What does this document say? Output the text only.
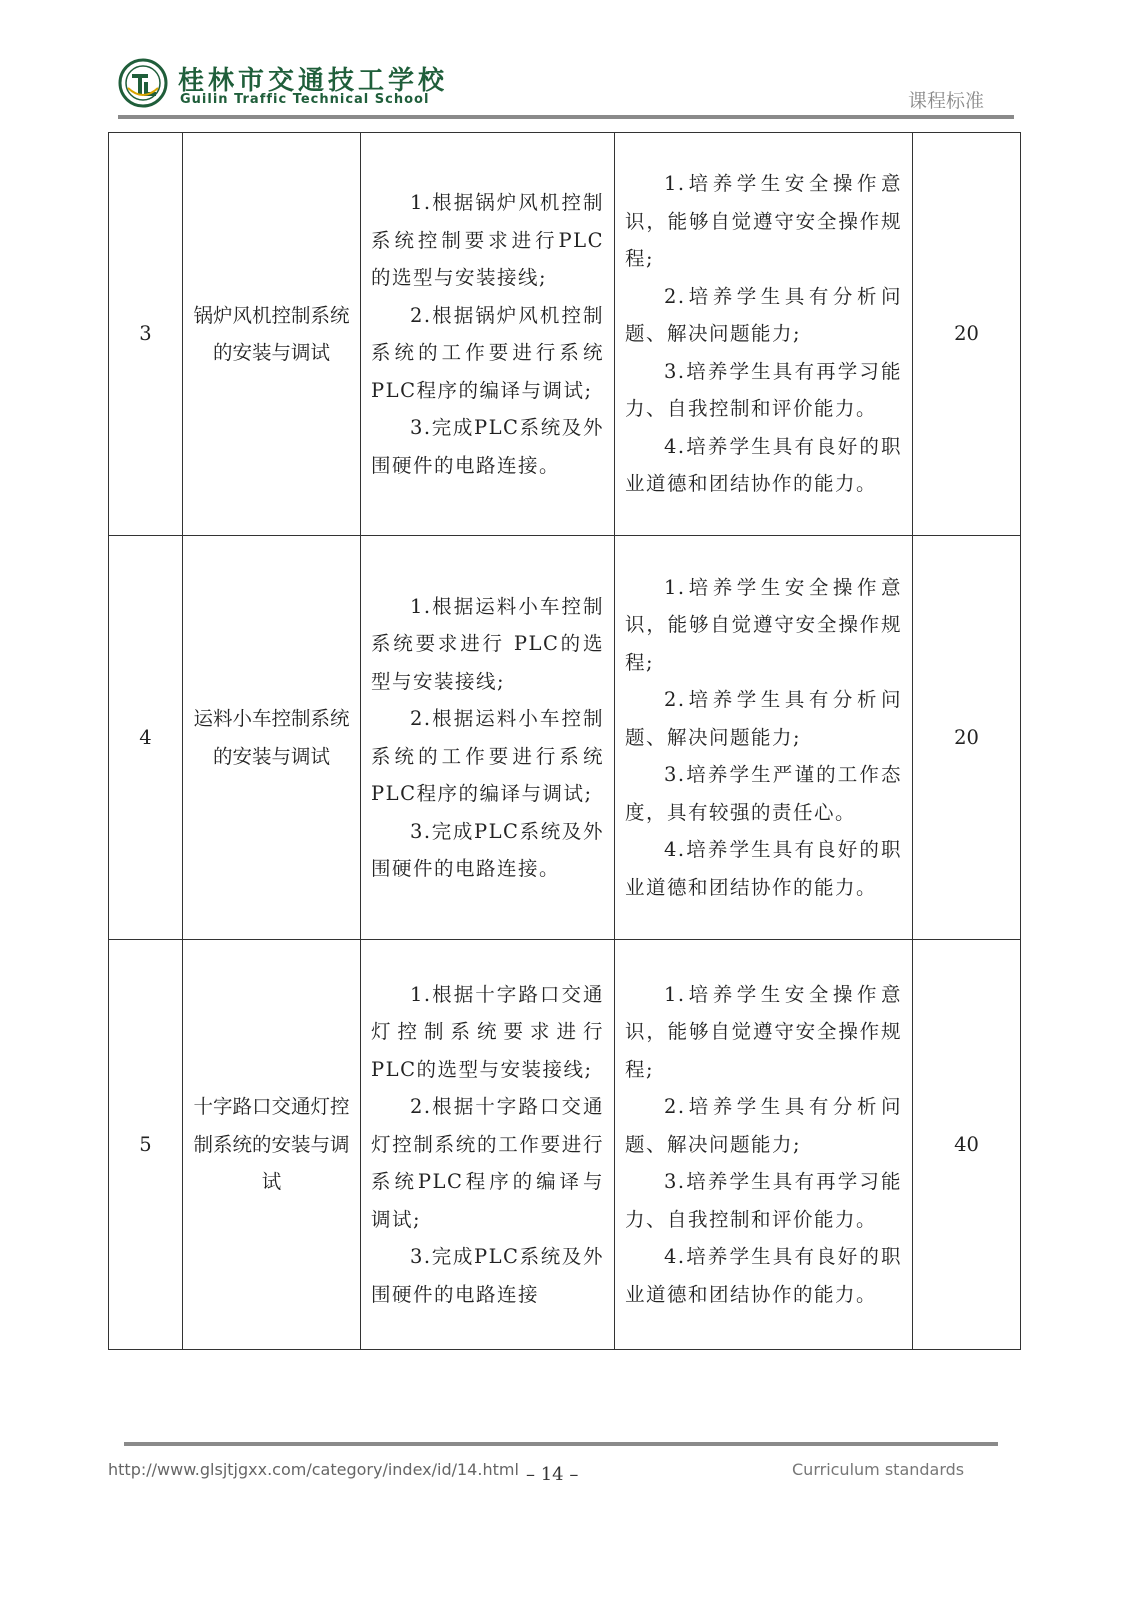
桂林市交通技工学校
Guilin Traffic Technical School	课程标准
3	锅炉风机控制系统的安装与调试	1.根据锅炉风机控制系统控制要求进行PLC的选型与安装接线;
2.根据锅炉风机控制系统的工作要进行系统PLC程序的编译与调试;
3.完成PLC系统及外围硬件的电路连接。	1.培养学生安全操作意识，能够自觉遵守安全操作规程;
2.培养学生具有分析问题、解决问题能力;
3.培养学生具有再学习能力、自我控制和评价能力。
4.培养学生具有良好的职业道德和团结协作的能力。	20
4	运料小车控制系统的安装与调试	1.根据运料小车控制系统要求进行 PLC的选型与安装接线;
2.根据运料小车控制系统的工作要进行系统PLC程序的编译与调试;
3.完成PLC系统及外围硬件的电路连接。	1.培养学生安全操作意识，能够自觉遵守安全操作规程;
2.培养学生具有分析问题、解决问题能力;
3.培养学生严谨的工作态度，具有较强的责任心。
4.培养学生具有良好的职业道德和团结协作的能力。	20
5	十字路口交通灯控制系统的安装与调试	1.根据十字路口交通灯控制系统要求进行PLC的选型与安装接线;
2.根据十字路口交通灯控制系统的工作要进行系统PLC程序的编译与调试;
3.完成PLC系统及外围硬件的电路连接	1.培养学生安全操作意识，能够自觉遵守安全操作规程;
2.培养学生具有分析问题、解决问题能力;
3.培养学生具有再学习能力、自我控制和评价能力。
4.培养学生具有良好的职业道德和团结协作的能力。	40
http://www.glsjtjgxx.com/category/index/id/14.html – 14 –	Curriculum standards
